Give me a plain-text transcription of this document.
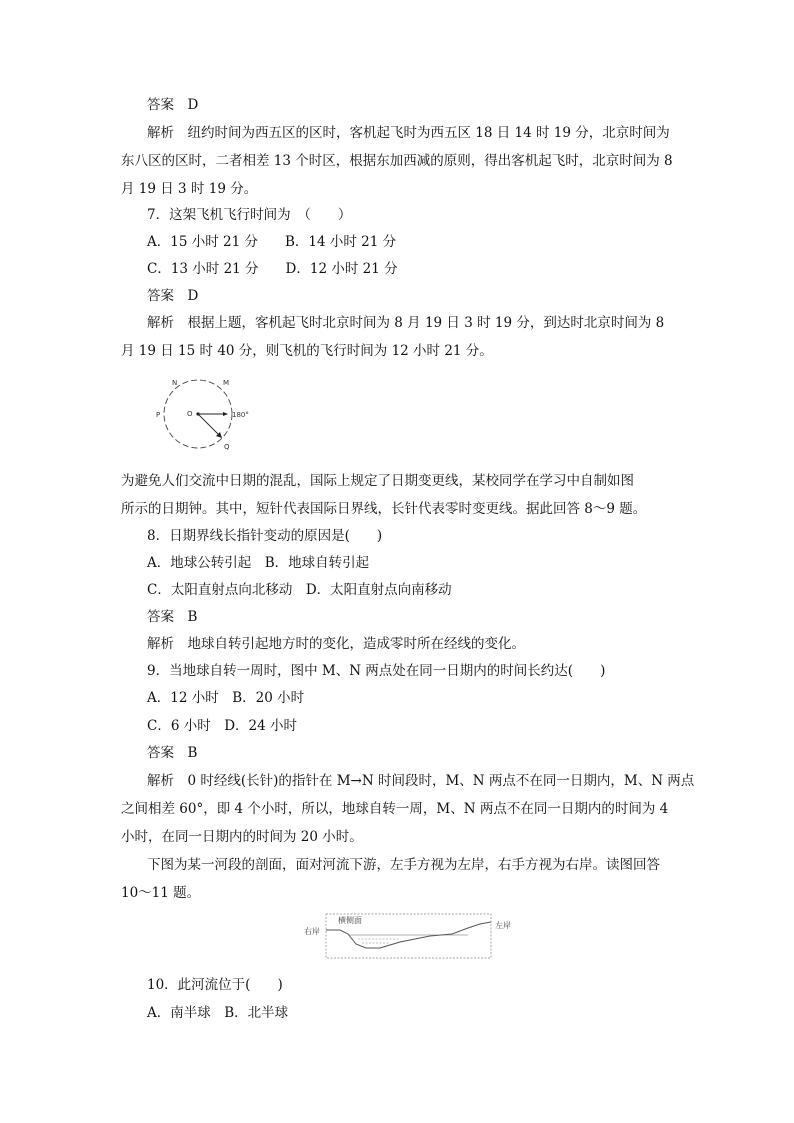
答案　D
解析　纽约时间为西五区的区时，客机起飞时为西五区 18 日 14 时 19 分，北京时间为
东八区的区时，二者相差 13 个时区，根据东加西减的原则，得出客机起飞时，北京时间为 8
月 19 日 3 时 19 分。
7．这架飞机飞行时间为　（　　）
A．15 小时 21 分　　B．14 小时 21 分
C．13 小时 21 分　　D．12 小时 21 分
答案　D
解析　根据上题，客机起飞时北京时间为 8 月 19 日 3 时 19 分，到达时北京时间为 8
月 19 日 15 时 40 分，则飞机的飞行时间为 12 小时 21 分。
N	M
P	O	180°
Q
为避免人们交流中日期的混乱，国际上规定了日期变更线，某校同学在学习中自制如图
所示的日期钟。其中，短针代表国际日界线，长针代表零时变更线。据此回答 8～9 题。
8．日期界线长指针变动的原因是(　　)
A．地球公转引起　B．地球自转引起
C．太阳直射点向北移动　D．太阳直射点向南移动
答案　B
解析　地球自转引起地方时的变化，造成零时所在经线的变化。
9．当地球自转一周时，图中 M、N 两点处在同一日期内的时间长约达(　　)
A．12 小时　B．20 小时
C．6 小时　D．24 小时
答案　B
解析　0 时经线(长针)的指针在 M→N 时间段时，M、N 两点不在同一日期内，M、N 两点
之间相差 60°，即 4 个小时，所以，地球自转一周，M、N 两点不在同一日期内的时间为 4
小时，在同一日期内的时间为 20 小时。
下图为某一河段的剖面，面对河流下游，左手方视为左岸，右手方视为右岸。读图回答
10～11 题。
右岸
左岸
横侧面
10．此河流位于(　　)
A．南半球　B．北半球
